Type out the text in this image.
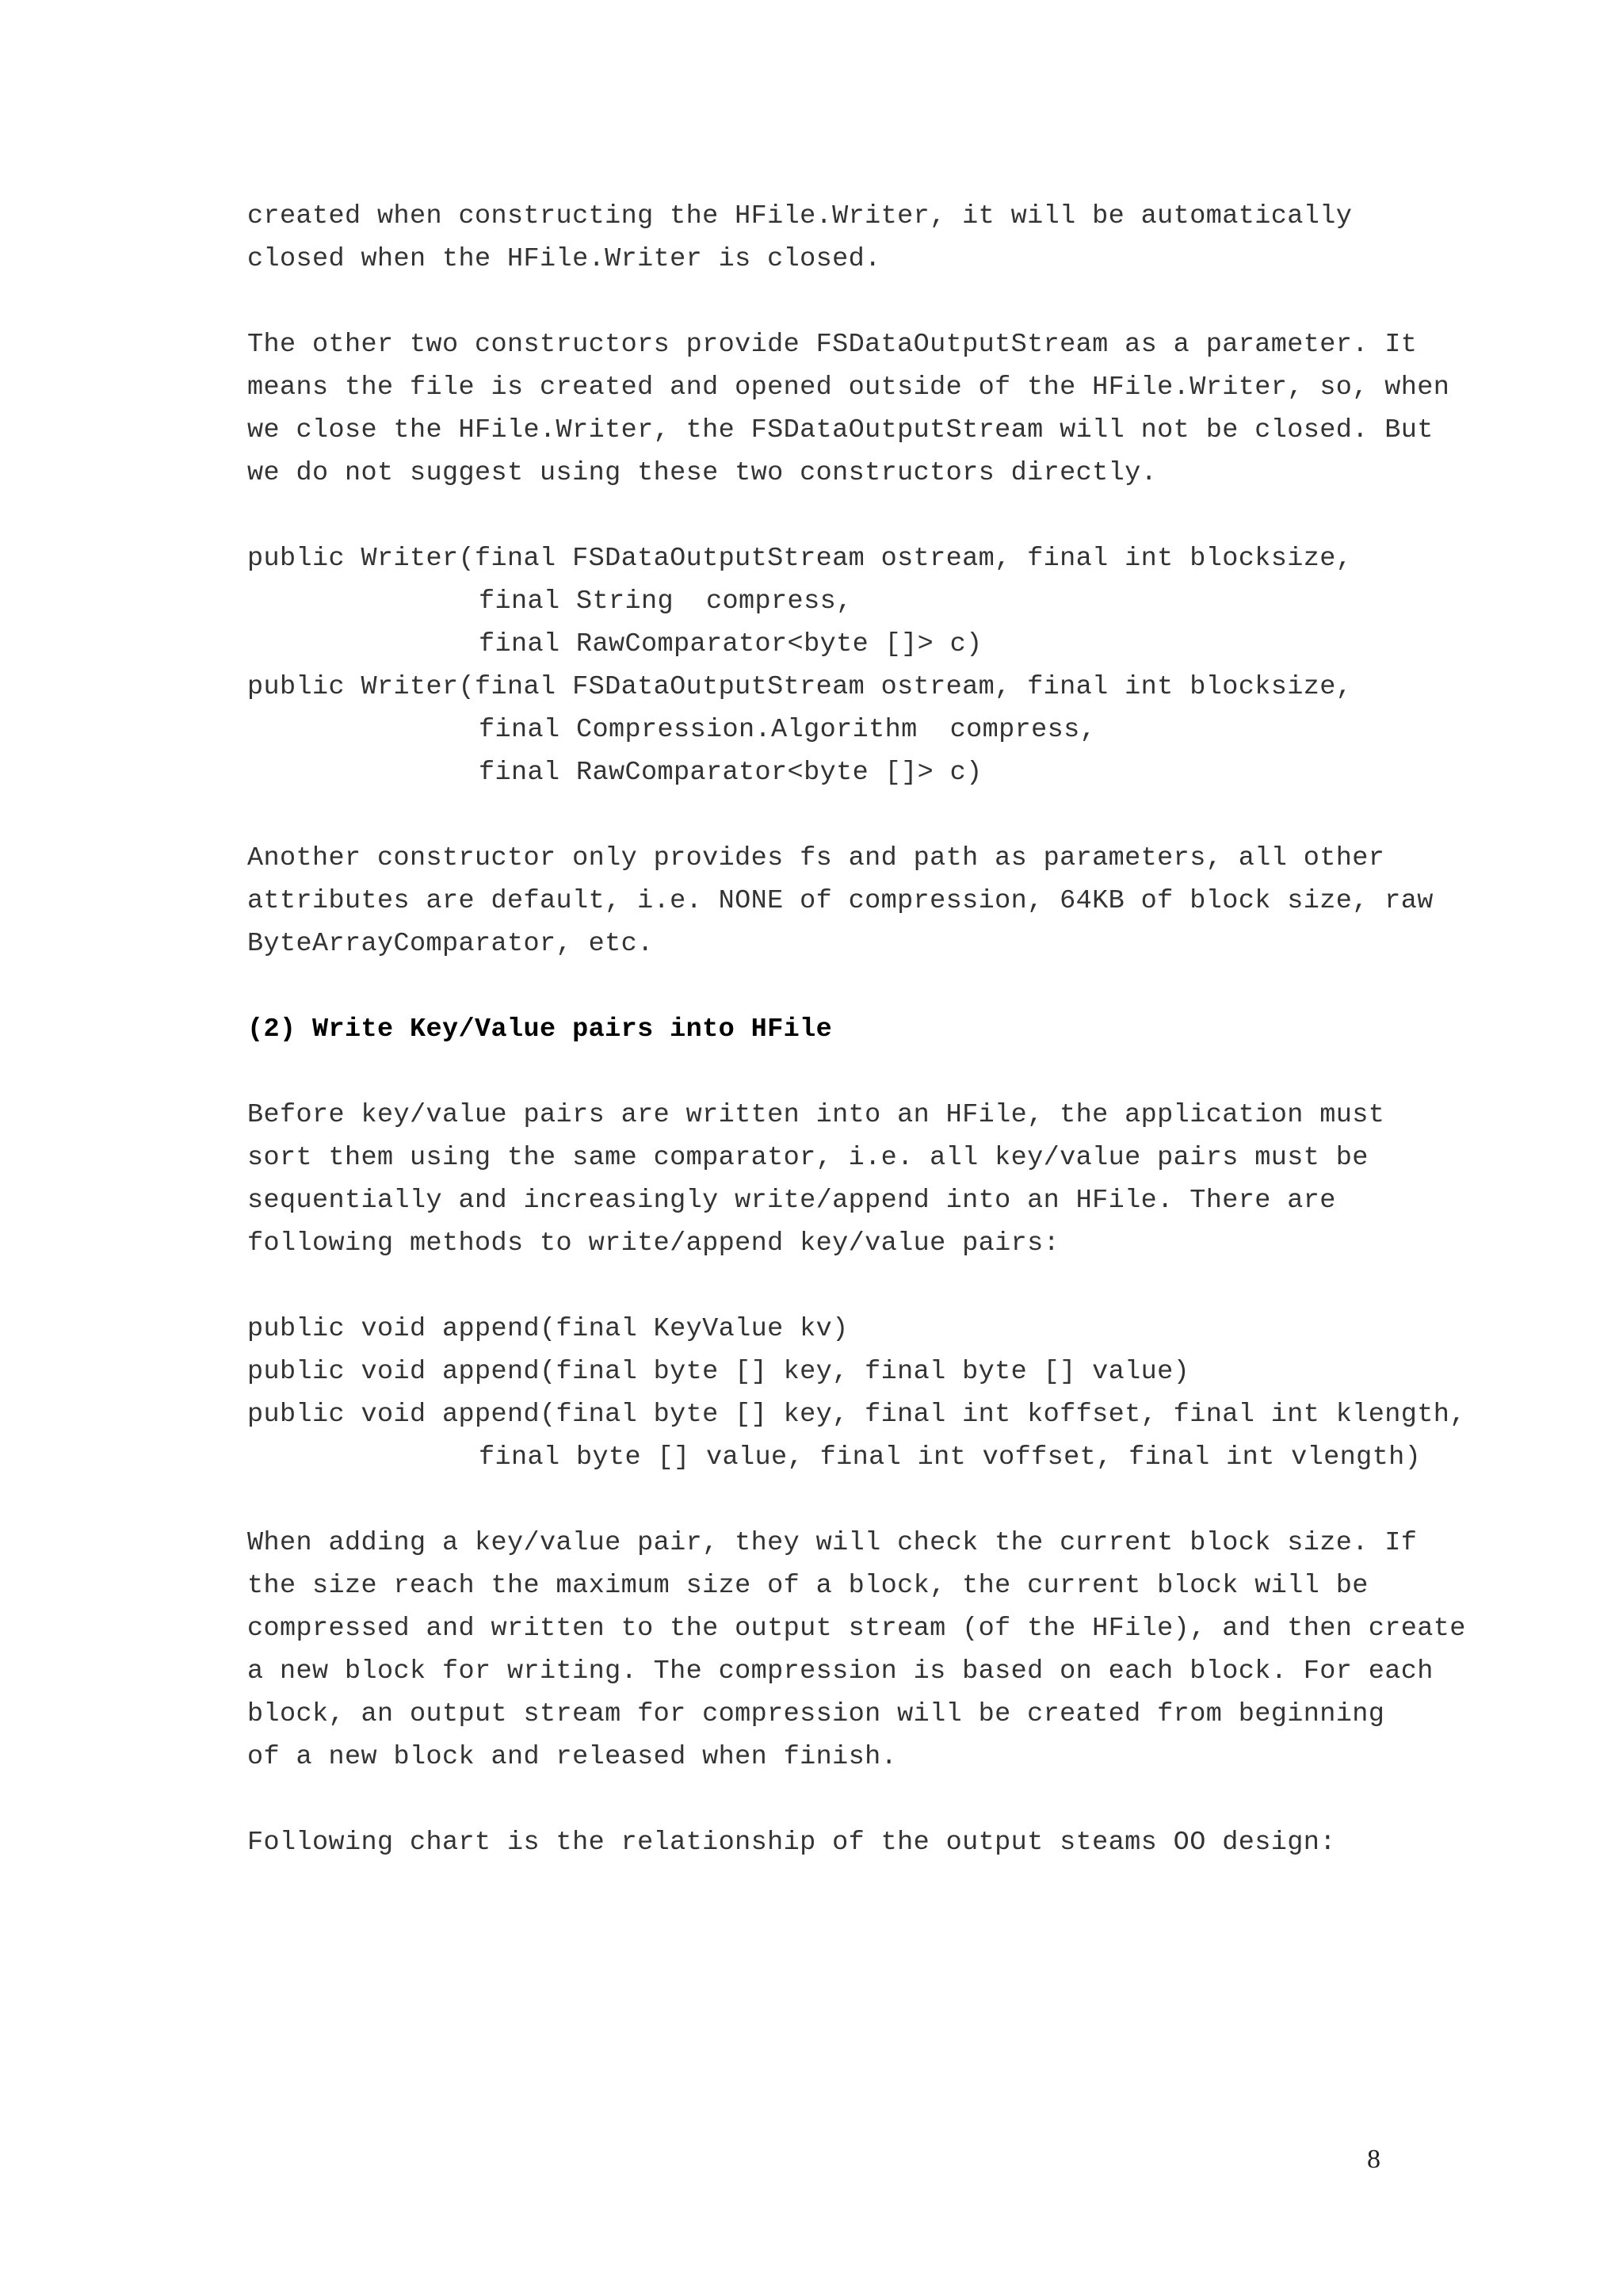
created when constructing the HFile.Writer, it will be automatically
closed when the HFile.Writer is closed.
The other two constructors provide FSDataOutputStream as a parameter. It
means the file is created and opened outside of the HFile.Writer, so, when
we close the HFile.Writer, the FSDataOutputStream will not be closed. But
we do not suggest using these two constructors directly.
public Writer(final FSDataOutputStream ostream, final int blocksize,
final String  compress,
final RawComparator<byte []> c)
public Writer(final FSDataOutputStream ostream, final int blocksize,
final Compression.Algorithm  compress,
final RawComparator<byte []> c)
Another constructor only provides fs and path as parameters, all other
attributes are default, i.e. NONE of compression, 64KB of block size, raw
ByteArrayComparator, etc.
(2) Write Key/Value pairs into HFile
Before key/value pairs are written into an HFile, the application must
sort them using the same comparator, i.e. all key/value pairs must be
sequentially and increasingly write/append into an HFile. There are
following methods to write/append key/value pairs:
public void append(final KeyValue kv)
public void append(final byte [] key, final byte [] value)
public void append(final byte [] key, final int koffset, final int klength,
final byte [] value, final int voffset, final int vlength)
When adding a key/value pair, they will check the current block size. If
the size reach the maximum size of a block, the current block will be
compressed and written to the output stream (of the HFile), and then create
a new block for writing. The compression is based on each block. For each
block, an output stream for compression will be created from beginning
of a new block and released when finish.
Following chart is the relationship of the output steams OO design:
8
